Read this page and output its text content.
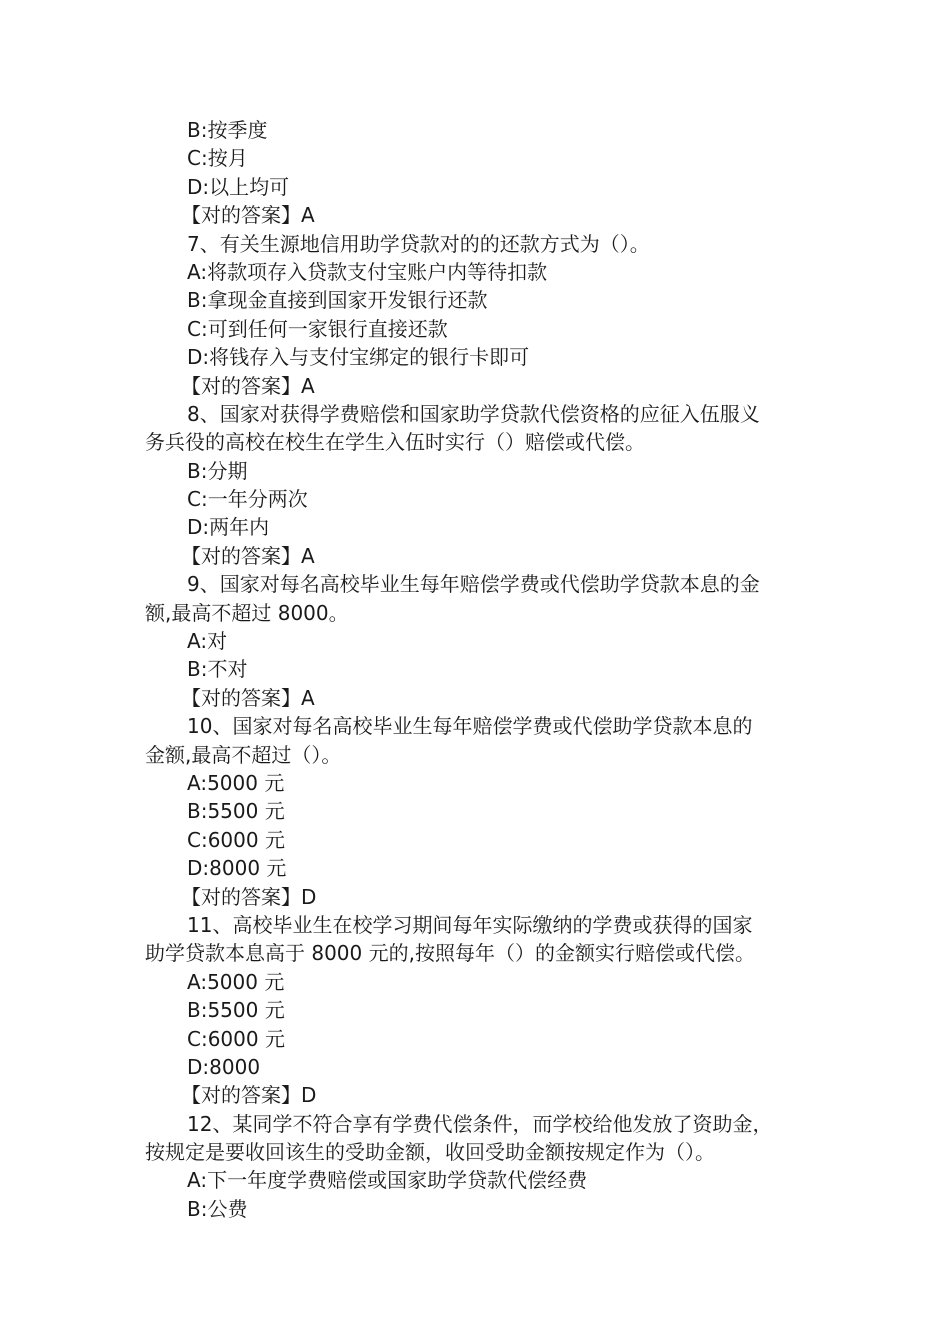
B:按季度
C:按月
D:以上均可
【对的答案】A
7、有关生源地信用助学贷款对的的还款方式为（）。
A:将款项存入贷款支付宝账户内等待扣款
B:拿现金直接到国家开发银行还款
C:可到任何一家银行直接还款
D:将钱存入与支付宝绑定的银行卡即可
【对的答案】A
8、国家对获得学费赔偿和国家助学贷款代偿资格的应征入伍服义
务兵役的高校在校生在学生入伍时实行（）赔偿或代偿。
B:分期
C:一年分两次
D:两年内
【对的答案】A
9、国家对每名高校毕业生每年赔偿学费或代偿助学贷款本息的金
额,最高不超过 8000。
A:对
B:不对
【对的答案】A
10、国家对每名高校毕业生每年赔偿学费或代偿助学贷款本息的
金额,最高不超过（）。
A:5000 元
B:5500 元
C:6000 元
D:8000 元
【对的答案】D
11、高校毕业生在校学习期间每年实际缴纳的学费或获得的国家
助学贷款本息高于 8000 元的,按照每年（）的金额实行赔偿或代偿。
A:5000 元
B:5500 元
C:6000 元
D:8000
【对的答案】D
12、某同学不符合享有学费代偿条件，而学校给他发放了资助金，
按规定是要收回该生的受助金额，收回受助金额按规定作为（）。
A:下一年度学费赔偿或国家助学贷款代偿经费
B:公费
